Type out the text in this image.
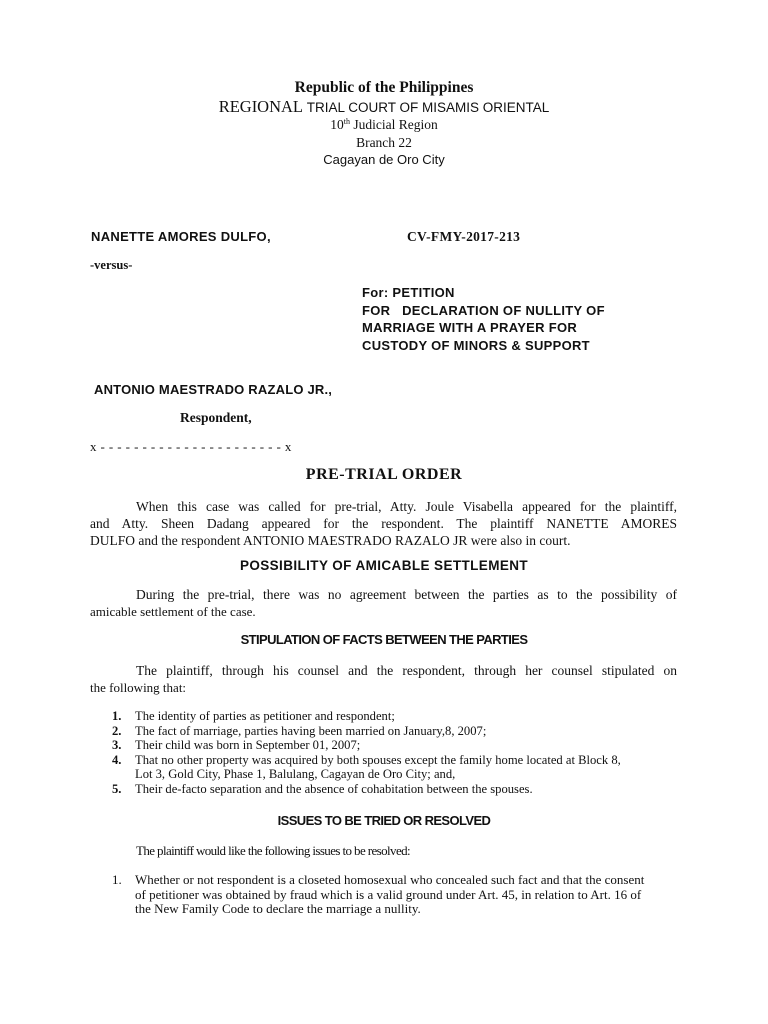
Republic of the Philippines
REGIONAL TRIAL COURT OF MISAMIS ORIENTAL
10th Judicial Region
Branch 22
Cagayan de Oro City
NANETTE AMORES DULFO,	CV-FMY-2017-213
-versus-
For: PETITION
FOR   DECLARATION OF NULLITY OF
MARRIAGE WITH A PRAYER FOR
CUSTODY OF MINORS & SUPPORT
ANTONIO MAESTRADO RAZALO JR.,
Respondent,
x - - - - - - - - - - - - - - - - - - - - - - x
PRE-TRIAL ORDER
When this case was called for pre-trial, Atty. Joule Visabella appeared for the plaintiff,
and Atty. Sheen Dadang appeared for the respondent. The plaintiff NANETTE AMORES
DULFO and the respondent ANTONIO MAESTRADO RAZALO JR were also in court.
POSSIBILITY OF AMICABLE SETTLEMENT
During the pre-trial, there was no agreement between the parties as to the possibility of
amicable settlement of the case.
STIPULATION OF FACTS BETWEEN THE PARTIES
The plaintiff, through his counsel and the respondent, through her counsel stipulated on
the following that:
1. The identity of parties as petitioner and respondent;
2. The fact of marriage, parties having been married on January,8, 2007;
3. Their child was born in September 01, 2007;
4. That no other property was acquired by both spouses except the family home located at Block 8,
Lot 3, Gold City, Phase 1, Balulang, Cagayan de Oro City; and,
5. Their de-facto separation and the absence of cohabitation between the spouses.
ISSUES TO BE TRIED OR RESOLVED
The plaintiff would like the following issues to be resolved:
1. Whether or not respondent is a closeted homosexual who concealed such fact and that the consent
of petitioner was obtained by fraud which is a valid ground under Art. 45, in relation to Art. 16 of
the New Family Code to declare the marriage a nullity.
